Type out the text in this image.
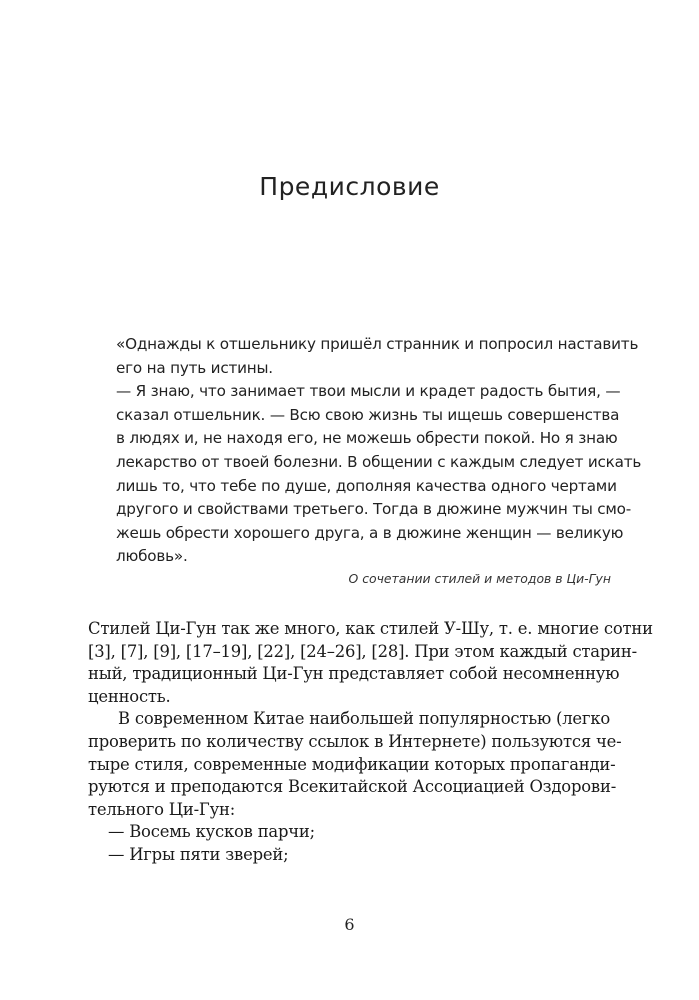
Предисловие
«Однажды к отшельнику пришёл странник и попросил наставить
его на путь истины.
— Я знаю, что занимает твои мысли и крадет радость бытия, —
сказал отшельник. — Всю свою жизнь ты ищешь совершенства
в людях и, не находя его, не можешь обрести покой. Но я знаю
лекарство от твоей болезни. В общении с каждым следует искать
лишь то, что тебе по душе, дополняя качества одного чертами
другого и свойствами третьего. Тогда в дюжине мужчин ты смо-
жешь обрести хорошего друга, а в дюжине женщин — великую
любовь».
О сочетании стилей и методов в Ци-Гун
Стилей Ци-Гун так же много, как стилей У-Шу, т. е. многие сотни
[3], [7], [9], [17–19], [22], [24–26], [28]. При этом каждый старин-
ный, традиционный Ци-Гун представляет собой несомненную
ценность.
В современном Китае наибольшей популярностью (легко
проверить по количеству ссылок в Интернете) пользуются че-
тыре стиля, современные модификации которых пропаганди-
руются и преподаются Всекитайской Ассоциацией Оздорови-
тельного Ци-Гун:
— Восемь кусков парчи;
— Игры пяти зверей;
6
